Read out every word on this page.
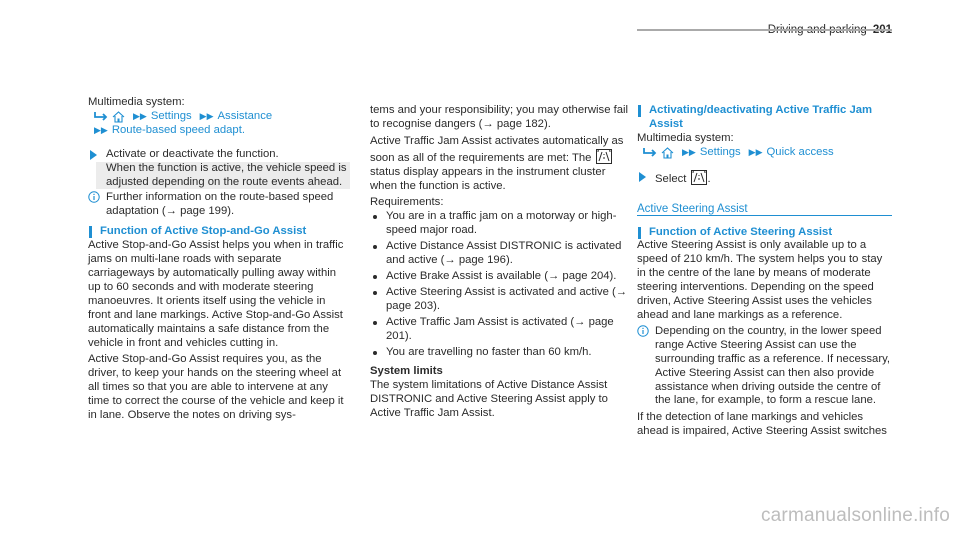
Multimedia system:

▶▶ Settings ▶▶ Assistance
▶▶ Route-based speed adapt.
Activate or deactivate the function.
When the function is active, the vehicle speed is adjusted depending on the route events ahead.
Further information on the route-based speed adaptation (→ page 199).
Function of Active Stop-and-Go Assist

Active Stop-and-Go Assist helps you when in traffic jams on multi-lane roads with separate carriageways by automatically pulling away within up to 60 seconds and with moderate steering manoeuvres. It orients itself using the vehicle in front and lane markings. Active Stop-and-Go Assist automatically maintains a safe distance from the vehicle in front and vehicles cutting in.

Active Stop-and-Go Assist requires you, as the driver, to keep your hands on the steering wheel at all times so that you are able to intervene at any time to correct the course of the vehicle and keep it in lane. Observe the notes on driving sys-

tems and your responsibility; you may otherwise fail to recognise dangers (→ page 182).

Active Traffic Jam Assist activates automatically as soon as all of the requirements are met: The  status display appears in the instrument cluster when the function is active.

Requirements:

You are in a traffic jam on a motorway or high-speed major road.
Active Distance Assist DISTRONIC is activated and active (→ page 196).
Active Brake Assist is available (→ page 204).
Active Steering Assist is activated and active (→ page 203).
Active Traffic Jam Assist is activated (→ page 201).
You are travelling no faster than 60 km/h.

System limits

The system limitations of Active Distance Assist DISTRONIC and Active Steering Assist apply to Active Traffic Jam Assist.

Activating/deactivating Active Traffic Jam Assist

Multimedia system:

▶▶ Settings ▶▶ Quick access
Select .

Active Steering Assist

Function of Active Steering Assist

Active Steering Assist is only available up to a speed of 210 km/h. The system helps you to stay in the centre of the lane by means of moderate steering interventions. Depending on the speed driven, Active Steering Assist uses the vehicles ahead and lane markings as a reference.

Depending on the country, in the lower speed range Active Steering Assist can use the surrounding traffic as a reference. If necessary, Active Steering Assist can then also provide assistance when driving outside the centre of the lane, for example, to form a rescue lane.

If the detection of lane markings and vehicles ahead is impaired, Active Steering Assist switches

carmanualsonline.info
